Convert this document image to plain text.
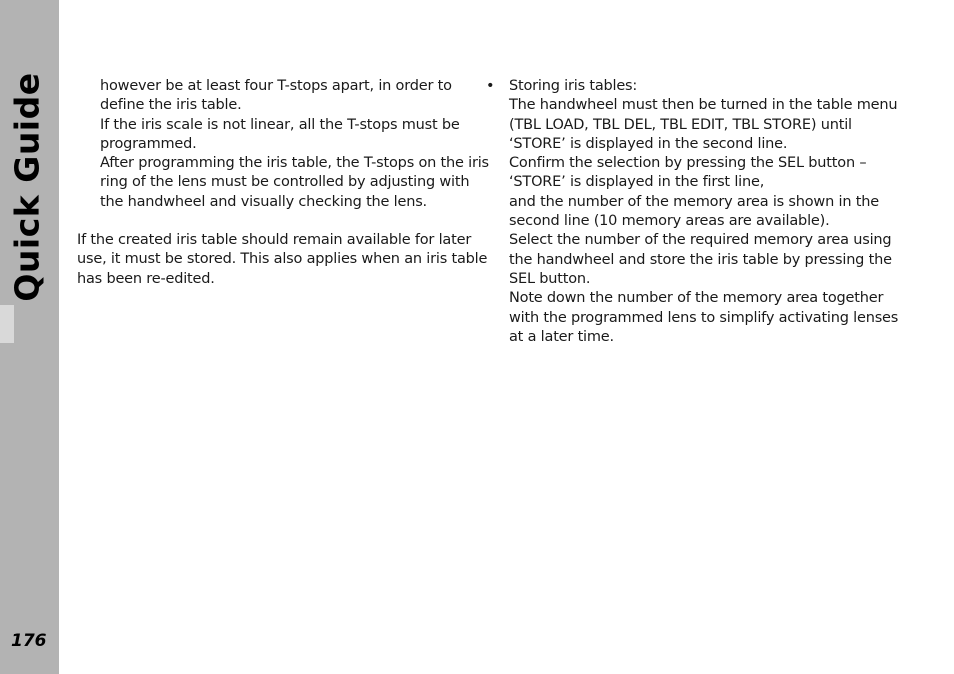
Quick Guide
176
however be at least four T-stops apart, in order to
define the iris table.
If the iris scale is not linear, all the T-stops must be
programmed.
After programming the iris table, the T-stops on the iris
ring of the lens must be controlled by adjusting with
the handwheel and visually checking the lens.
If the created iris table should remain available for later
use, it must be stored. This also applies when an iris table
has been re-edited.
• Storing iris tables:
The handwheel must then be turned in the table menu
(TBL LOAD, TBL DEL, TBL EDIT, TBL STORE) until
‘STORE’ is displayed in the second line.
Confirm the selection by pressing the SEL button –
‘STORE’ is displayed in the first line,
and the number of the memory area is shown in the
second line (10 memory areas are available).
Select the number of the required memory area using
the handwheel and store the iris table by pressing the
SEL button.
Note down the number of the memory area together
with the programmed lens to simplify activating lenses
at a later time.
